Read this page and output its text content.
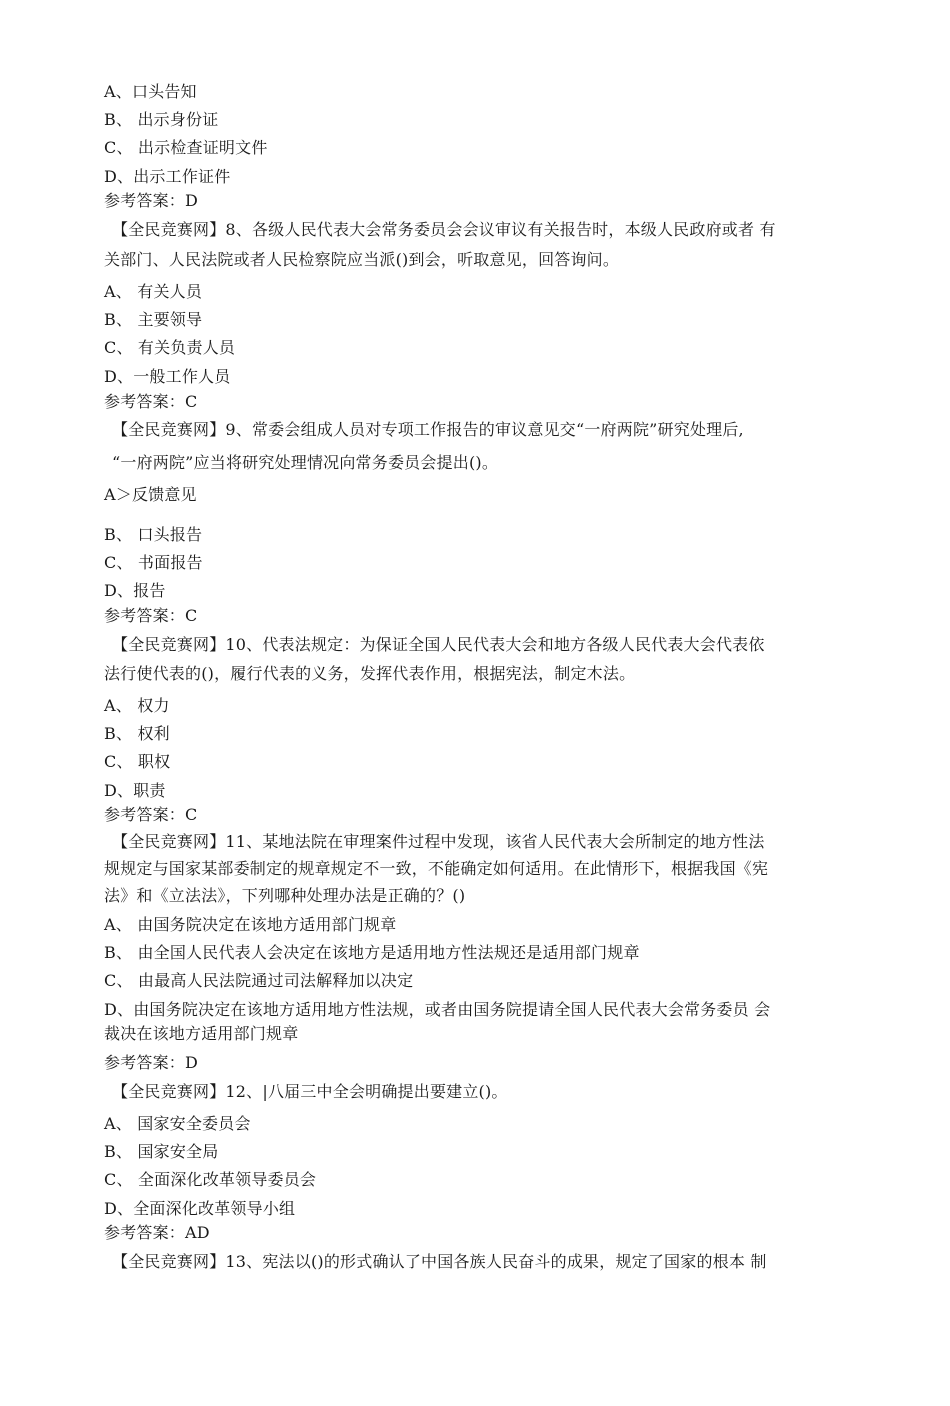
A、口头告知
B、 出示身份证
C、 出示检查证明文件
D、出示工作证件
参考答案：D
【全民竞赛网】8、各级人民代表大会常务委员会会议审议有关报告时，本级人民政府或者 有
关部门、人民法院或者人民检察院应当派()到会，听取意见，回答询问。
A、 有关人员
B、 主要领导
C、 有关负责人员
D、一般工作人员
参考答案：C
【全民竞赛网】9、常委会组成人员对专项工作报告的审议意见交“一府两院”研究处理后,
“一府两院”应当将研究处理情况向常务委员会提出()。
A＞反馈意见
B、 口头报告
C、 书面报告
D、报告
参考答案：C
【全民竞赛网】10、代表法规定：为保证全国人民代表大会和地方各级人民代表大会代表依
法行使代表的()，履行代表的义务，发挥代表作用，根据宪法，制定木法。
A、 权力
B、 权利
C、 职权
D、职责
参考答案：C
【全民竞赛网】11、某地法院在审理案件过程中发现，该省人民代表大会所制定的地方性法
规规定与国家某部委制定的规章规定不一致，不能确定如何适用。在此情形下，根据我国《宪
法》和《立法法》，下列哪种处理办法是正确的？()
A、 由国务院决定在该地方适用部门规章
B、 由全国人民代表人会决定在该地方是适用地方性法规还是适用部门规章
C、 由最高人民法院通过司法解释加以决定
D、由国务院决定在该地方适用地方性法规，或者由国务院提请全国人民代表大会常务委员 会
裁决在该地方适用部门规章
参考答案：D
【全民竞赛网】12、|八届三中全会明确提出要建立()。
A、 国家安全委员会
B、 国家安全局
C、 全面深化改革领导委员会
D、全面深化改革领导小组
参考答案：AD
【全民竞赛网】13、宪法以()的形式确认了中国各族人民奋斗的成果，规定了国家的根本 制
